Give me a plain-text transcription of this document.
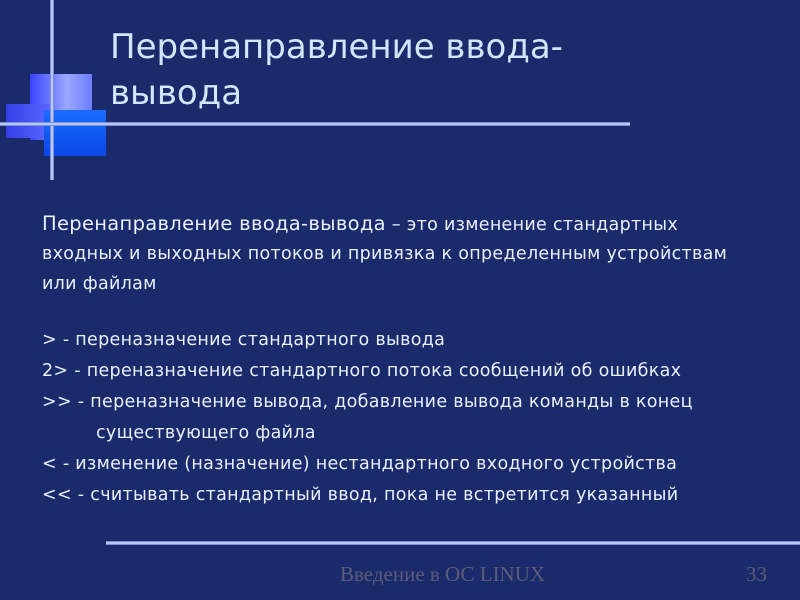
Перенаправление ввода-вывода
Перенаправление ввода-вывода – это изменение стандартных
входных и выходных потоков и привязка к определенным устройствам
или файлам
> - переназначение стандартного вывода
2> - переназначение стандартного потока сообщений об ошибках
>> - переназначение вывода, добавление вывода команды в конец
существующего файла
< - изменение (назначение) нестандартного входного устройства
<< - считывать стандартный ввод, пока не встретится указанный
Введение в ОС LINUX	33
